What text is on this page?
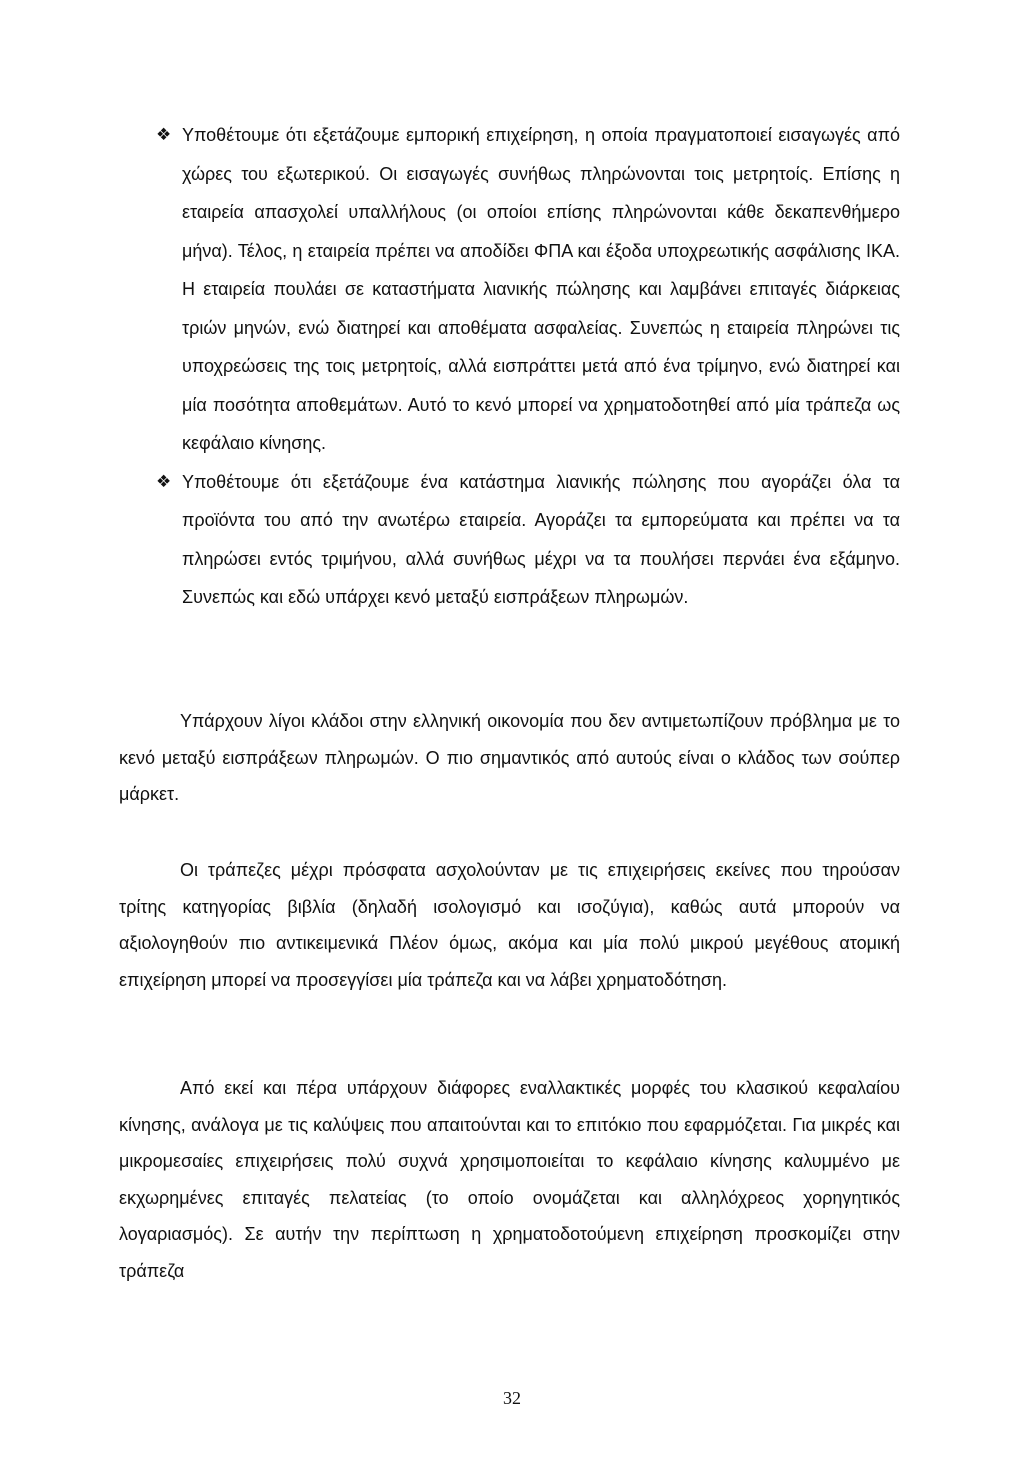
❖ Υποθέτουμε ότι εξετάζουμε εμπορική επιχείρηση, η οποία πραγματοποιεί εισαγωγές από χώρες του εξωτερικού. Οι εισαγωγές συνήθως πληρώνονται τοις μετρητοίς. Επίσης η εταιρεία απασχολεί υπαλλήλους (οι οποίοι επίσης πληρώνονται κάθε δεκαπενθήμερο μήνα). Τέλος, η εταιρεία πρέπει να αποδίδει ΦΠΑ και έξοδα υποχρεωτικής ασφάλισης ΙΚΑ. Η εταιρεία πουλάει σε καταστήματα λιανικής πώλησης και λαμβάνει επιταγές διάρκειας τριών μηνών, ενώ διατηρεί και αποθέματα ασφαλείας. Συνεπώς η εταιρεία πληρώνει τις υποχρεώσεις της τοις μετρητοίς, αλλά εισπράττει μετά από ένα τρίμηνο, ενώ διατηρεί και μία ποσότητα αποθεμάτων. Αυτό το κενό μπορεί να χρηματοδοτηθεί από μία τράπεζα ως κεφάλαιο κίνησης.
❖ Υποθέτουμε ότι εξετάζουμε ένα κατάστημα λιανικής πώλησης που αγοράζει όλα τα προϊόντα του από την ανωτέρω εταιρεία. Αγοράζει τα εμπορεύματα και πρέπει να τα πληρώσει εντός τριμήνου, αλλά συνήθως μέχρι να τα πουλήσει περνάει ένα εξάμηνο. Συνεπώς και εδώ υπάρχει κενό μεταξύ εισπράξεων πληρωμών.

Υπάρχουν λίγοι κλάδοι στην ελληνική οικονομία που δεν αντιμετωπίζουν πρόβλημα με το κενό μεταξύ εισπράξεων πληρωμών. Ο πιο σημαντικός από αυτούς είναι ο κλάδος των σούπερ μάρκετ.

Οι τράπεζες μέχρι πρόσφατα ασχολούνταν με τις επιχειρήσεις εκείνες που τηρούσαν τρίτης κατηγορίας βιβλία (δηλαδή ισολογισμό και ισοζύγια), καθώς αυτά μπορούν να αξιολογηθούν πιο αντικειμενικά Πλέον όμως, ακόμα και μία πολύ μικρού μεγέθους ατομική επιχείρηση μπορεί να προσεγγίσει μία τράπεζα και να λάβει χρηματοδότηση.

Από εκεί και πέρα υπάρχουν διάφορες εναλλακτικές μορφές του κλασικού κεφαλαίου κίνησης, ανάλογα με τις καλύψεις που απαιτούνται και το επιτόκιο που εφαρμόζεται. Για μικρές και μικρομεσαίες επιχειρήσεις πολύ συχνά χρησιμοποιείται το κεφάλαιο κίνησης καλυμμένο με εκχωρημένες επιταγές πελατείας (το οποίο ονομάζεται και αλληλόχρεος χορηγητικός λογαριασμός). Σε αυτήν την περίπτωση η χρηματοδοτούμενη επιχείρηση προσκομίζει στην τράπεζα

32
